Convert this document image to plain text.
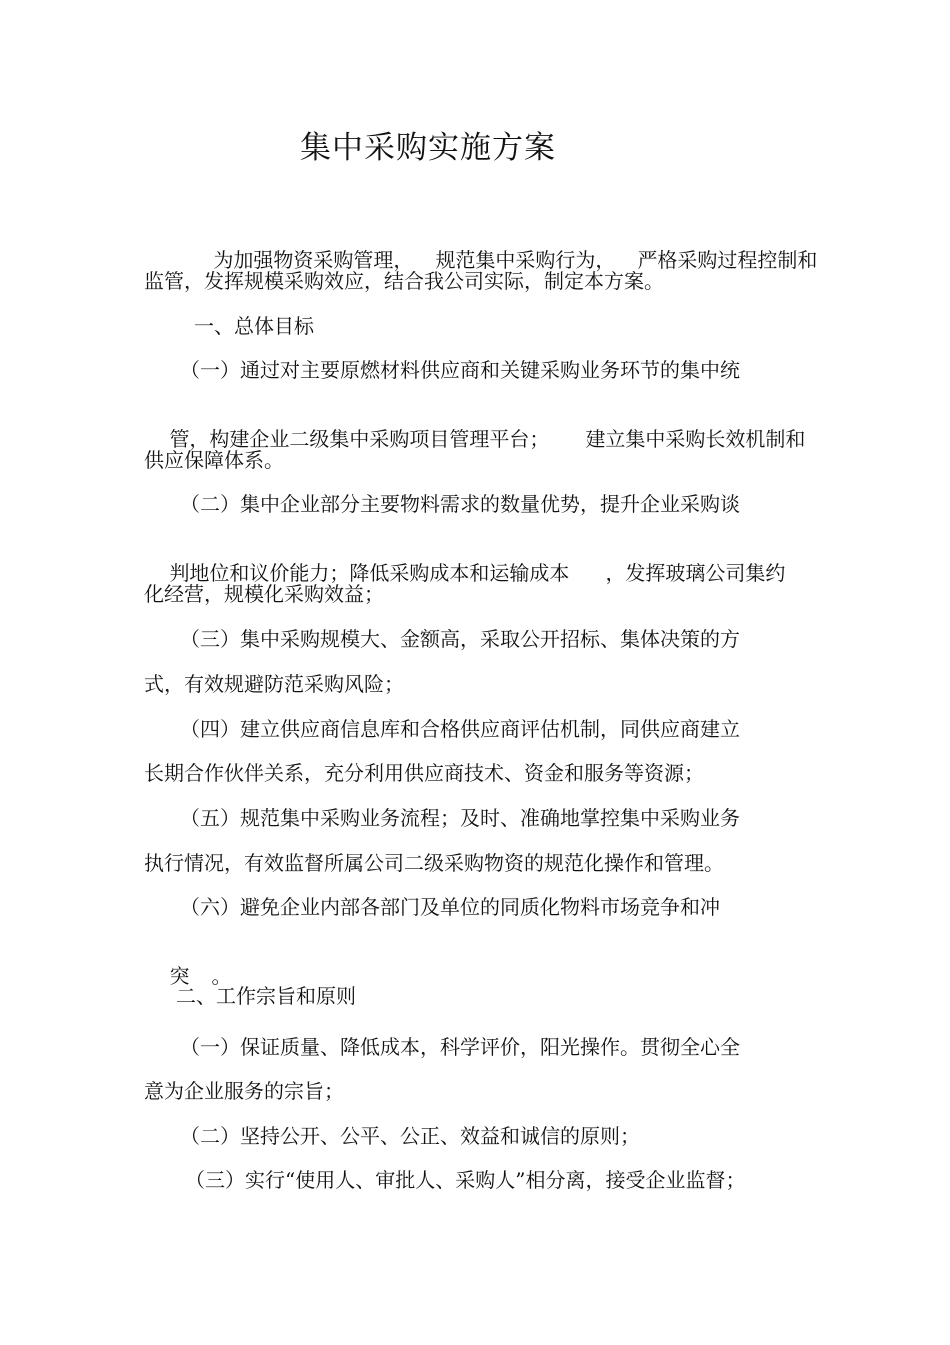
集中采购实施方案

为加强物资采购管理， 规范集中采购行为， 严格采购过程控制和

监管，发挥规模采购效应，结合我公司实际，制定本方案。
一、总体目标
（一）通过对主要原燃材料供应商和关键采购业务环节的集中统

管，构建企业二级集中采购项目管理平台； 建立集中采购长效机制和

供应保障体系。
（二）集中企业部分主要物料需求的数量优势，提升企业采购谈

判地位和议价能力；降低采购成本和运输成本 ，发挥玻璃公司集约

化经营，规模化采购效益；
（三）集中采购规模大、金额高，采取公开招标、集体决策的方
式，有效规避防范采购风险；
（四）建立供应商信息库和合格供应商评估机制，同供应商建立
长期合作伙伴关系，充分利用供应商技术、资金和服务等资源；
（五）规范集中采购业务流程；及时、准确地掌控集中采购业务
执行情况，有效监督所属公司二级采购物资的规范化操作和管理。
（六）避免企业内部各部门及单位的同质化物料市场竞争和冲

突 。

二、工作宗旨和原则
（一）保证质量、降低成本，科学评价，阳光操作。贯彻全心全
意为企业服务的宗旨；
（二）坚持公开、公平、公正、效益和诚信的原则；
（三）实行“使用人、审批人、采购人”相分离，接受企业监督；
